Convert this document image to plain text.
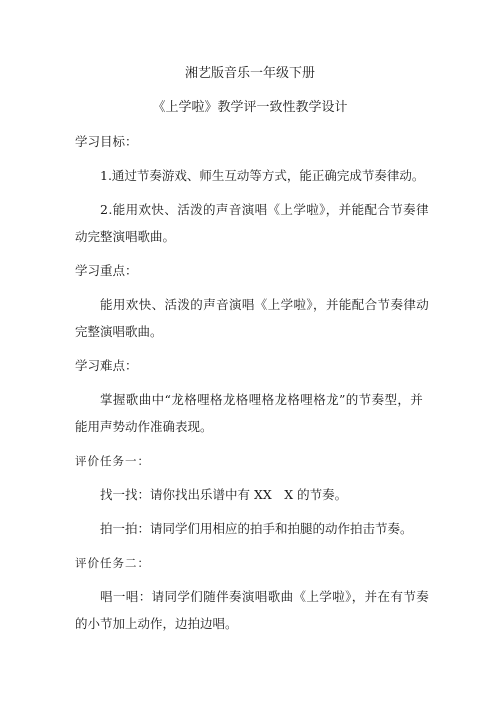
湘艺版音乐一年级下册
《上学啦》教学评一致性教学设计
学习目标：
1.通过节奏游戏、师生互动等方式，能正确完成节奏律动。
2.能用欢快、活泼的声音演唱《上学啦》，并能配合节奏律
动完整演唱歌曲。
学习重点：
能用欢快、活泼的声音演唱《上学啦》，并能配合节奏律动
完整演唱歌曲。
学习难点：
掌握歌曲中“龙格哩格龙格哩格龙格哩格龙”的节奏型，并
能用声势动作准确表现。
评价任务一：
找一找：请你找出乐谱中有 XX　X 的节奏。
拍一拍：请同学们用相应的拍手和拍腿的动作拍击节奏。
评价任务二：
唱一唱：请同学们随伴奏演唱歌曲《上学啦》，并在有节奏
的小节加上动作，边拍边唱。
